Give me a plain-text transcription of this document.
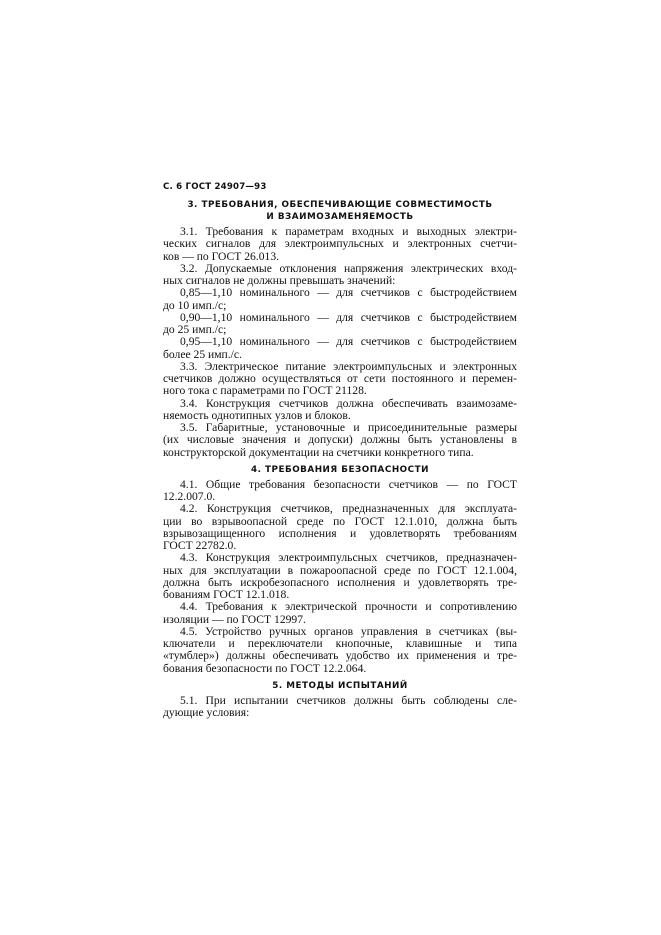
С. 6 ГОСТ 24907—93
3. ТРЕБОВАНИЯ, ОБЕСПЕЧИВАЮЩИЕ СОВМЕСТИМОСТЬ
И ВЗАИМОЗАМЕНЯЕМОСТЬ
3.1. Требования к параметрам входных и выходных электри-
ческих сигналов для электроимпульсных и электронных счетчи-
ков — по ГОСТ 26.013.
3.2. Допускаемые отклонения напряжения электрических вход-
ных сигналов не должны превышать значений:
0,85—1,10 номинального — для счетчиков с быстродействием
до 10 имп./с;
0,90—1,10 номинального — для счетчиков с быстродействием
до 25 имп./с;
0,95—1,10 номинального — для счетчиков с быстродействием
более 25 имп./с.
3.3. Электрическое питание электроимпульсных и электронных
счетчиков должно осуществляться от сети постоянного и перемен-
ного тока с параметрами по ГОСТ 21128.
3.4. Конструкция счетчиков должна обеспечивать взаимозаме-
няемость однотипных узлов и блоков.
3.5. Габаритные, установочные и присоединительные размеры
(их числовые значения и допуски) должны быть установлены в
конструкторской документации на счетчики конкретного типа.
4. ТРЕБОВАНИЯ БЕЗОПАСНОСТИ
4.1. Общие требования безопасности счетчиков — по ГОСТ
12.2.007.0.
4.2. Конструкция счетчиков, предназначенных для эксплуата-
ции во взрывоопасной среде по ГОСТ 12.1.010, должна быть
взрывозащищенного исполнения и удовлетворять требованиям
ГОСТ 22782.0.
4.3. Конструкция электроимпульсных счетчиков, предназначен-
ных для эксплуатации в пожароопасной среде по ГОСТ 12.1.004,
должна быть искробезопасного исполнения и удовлетворять тре-
бованиям ГОСТ 12.1.018.
4.4. Требования к электрической прочности и сопротивлению
изоляции — по ГОСТ 12997.
4.5. Устройство ручных органов управления в счетчиках (вы-
ключатели и переключатели кнопочные, клавишные и типа
«тумблер») должны обеспечивать удобство их применения и тре-
бования безопасности по ГОСТ 12.2.064.
5. МЕТОДЫ ИСПЫТАНИЙ
5.1. При испытании счетчиков должны быть соблюдены сле-
дующие условия:
